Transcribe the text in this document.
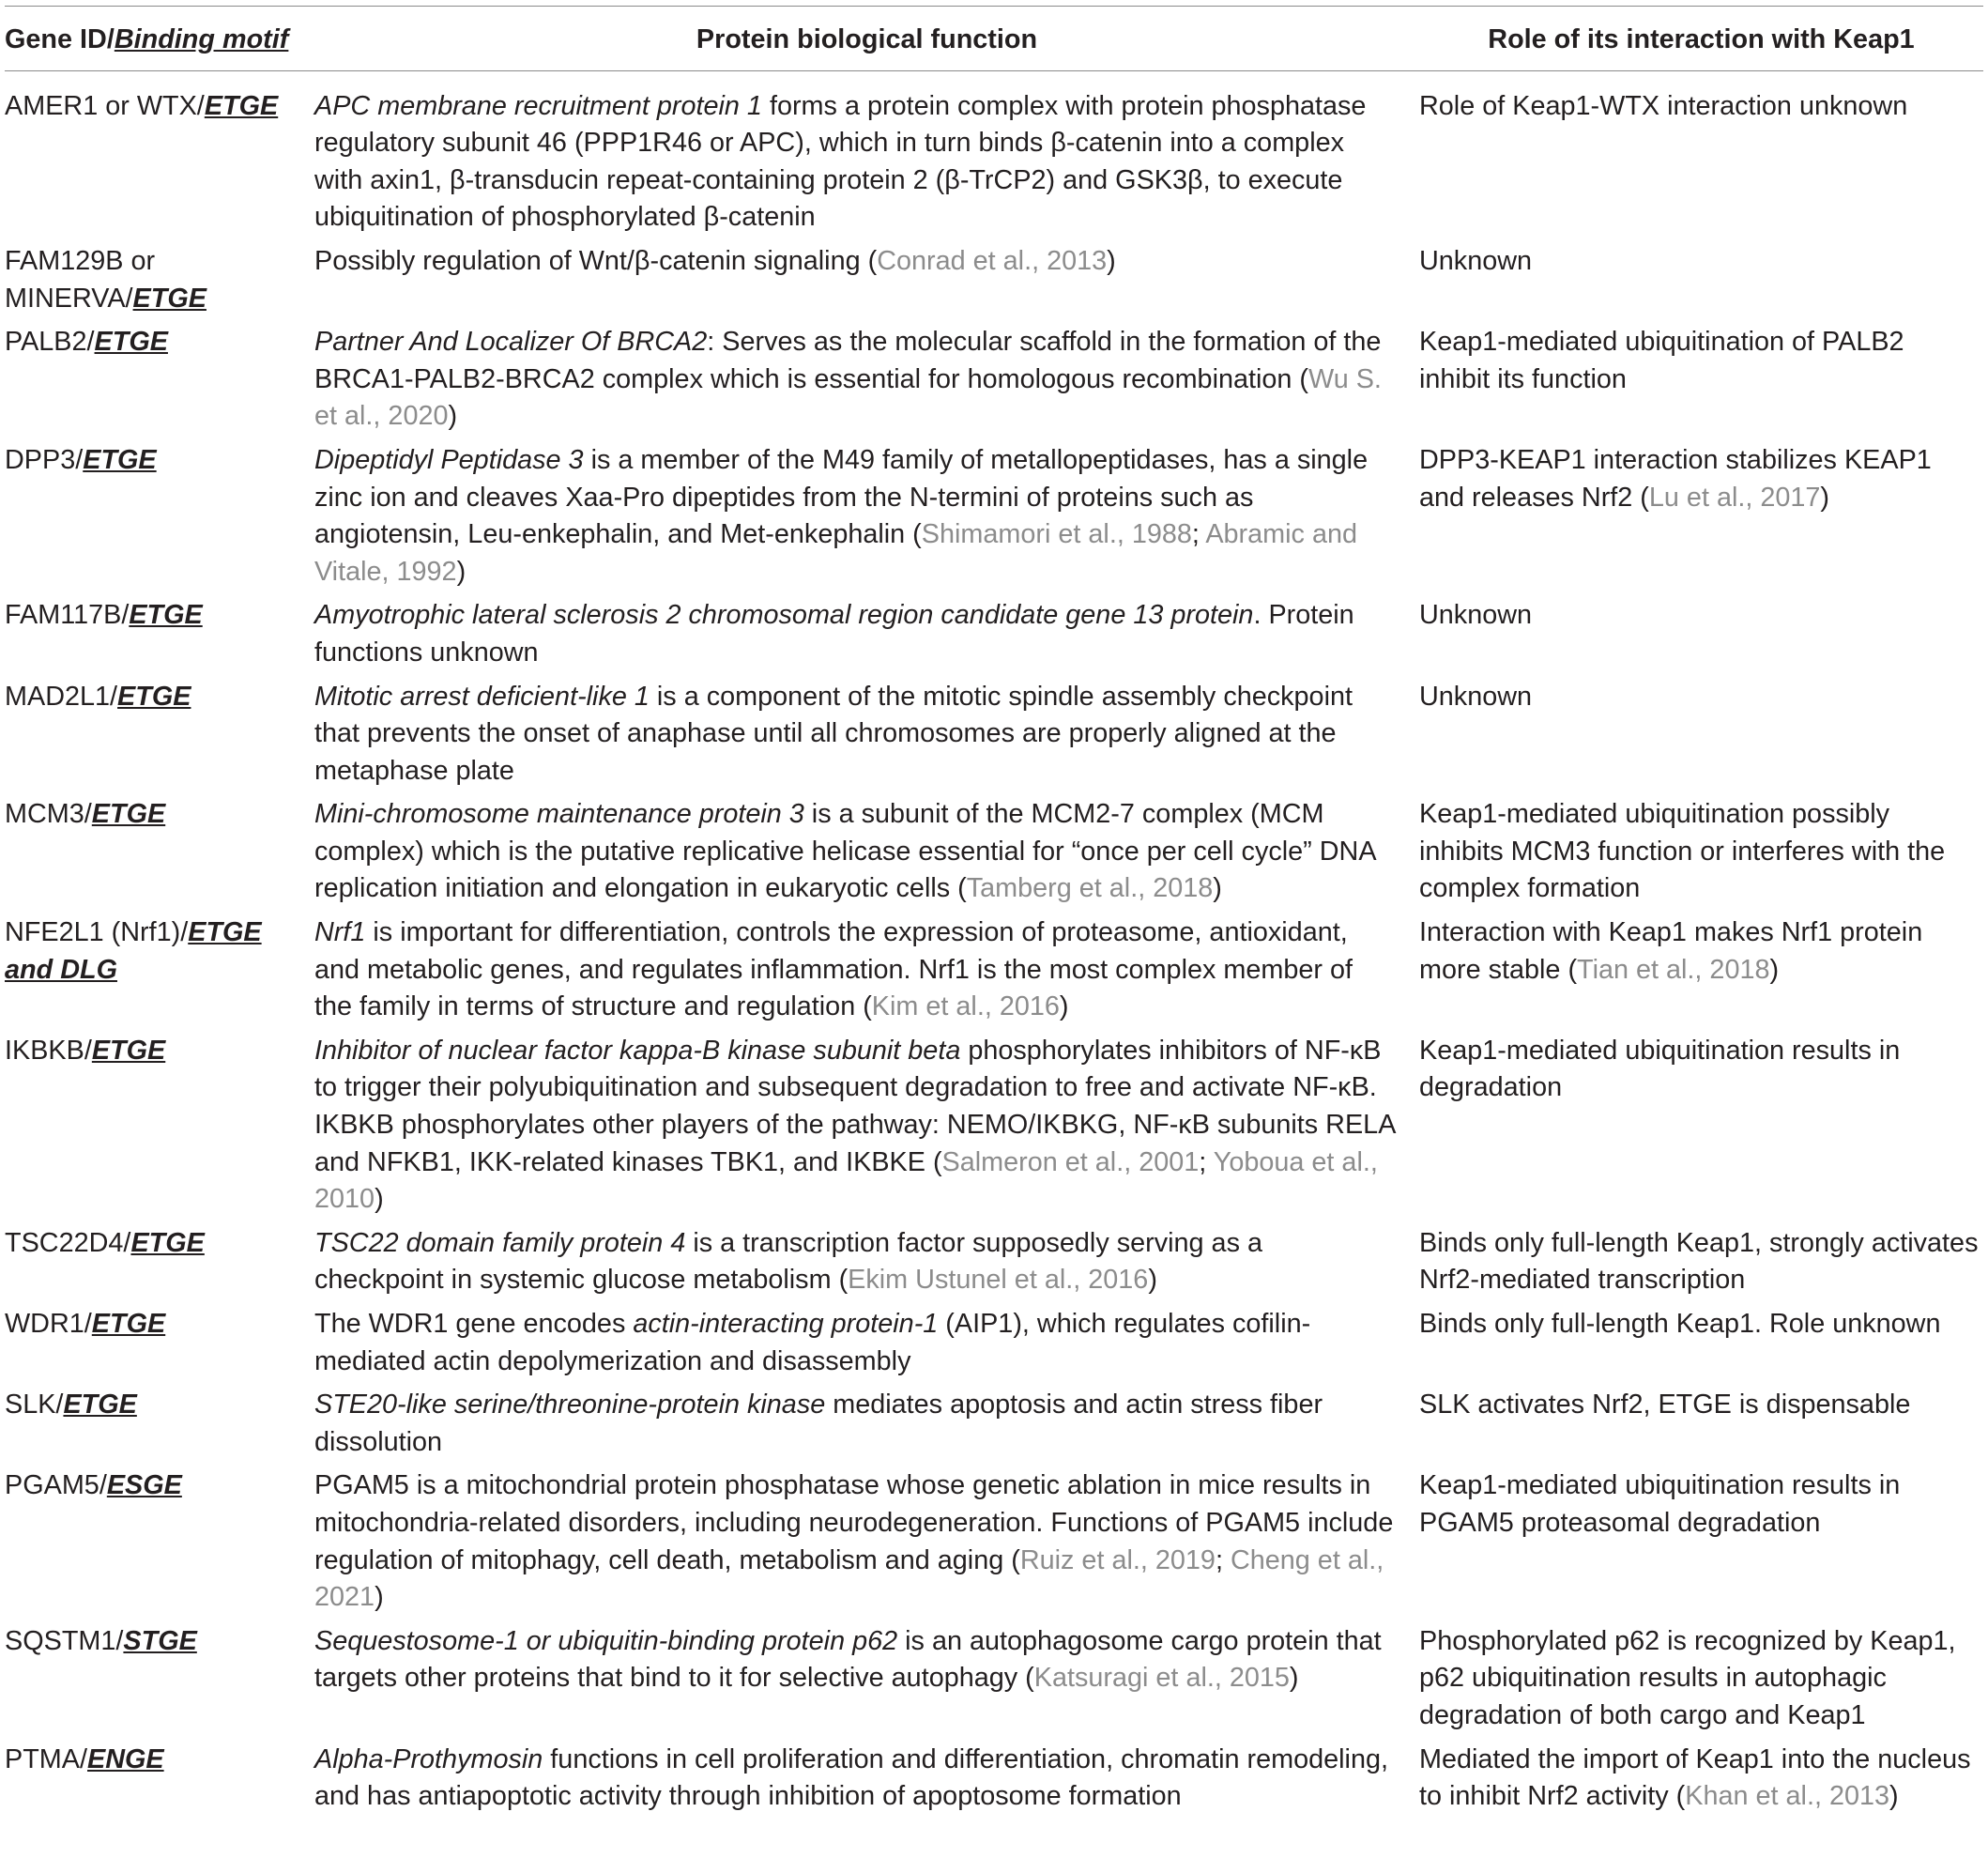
Gene ID/Binding motif	Protein biological function	Role of its interaction with Keap1
AMER1 or WTX/ETGE	APC membrane recruitment protein 1 forms a protein complex with protein phosphatase regulatory subunit 46 (PPP1R46 or APC), which in turn binds β-catenin into a complex with axin1, β-transducin repeat-containing protein 2 (β-TrCP2) and GSK3β, to execute ubiquitination of phosphorylated β-catenin	Role of Keap1-WTX interaction unknown
FAM129B or MINERVA/ETGE	Possibly regulation of Wnt/β-catenin signaling (Conrad et al., 2013)	Unknown
PALB2/ETGE	Partner And Localizer Of BRCA2: Serves as the molecular scaffold in the formation of the BRCA1-PALB2-BRCA2 complex which is essential for homologous recombination (Wu S. et al., 2020)	Keap1-mediated ubiquitination of PALB2 inhibit its function
DPP3/ETGE	Dipeptidyl Peptidase 3 is a member of the M49 family of metallopeptidases, has a single zinc ion and cleaves Xaa-Pro dipeptides from the N-termini of proteins such as angiotensin, Leu-enkephalin, and Met-enkephalin (Shimamori et al., 1988; Abramic and Vitale, 1992)	DPP3-KEAP1 interaction stabilizes KEAP1 and releases Nrf2 (Lu et al., 2017)
FAM117B/ETGE	Amyotrophic lateral sclerosis 2 chromosomal region candidate gene 13 protein. Protein functions unknown	Unknown
MAD2L1/ETGE	Mitotic arrest deficient-like 1 is a component of the mitotic spindle assembly checkpoint that prevents the onset of anaphase until all chromosomes are properly aligned at the metaphase plate	Unknown
MCM3/ETGE	Mini-chromosome maintenance protein 3 is a subunit of the MCM2-7 complex (MCM complex) which is the putative replicative helicase essential for “once per cell cycle” DNA replication initiation and elongation in eukaryotic cells (Tamberg et al., 2018)	Keap1-mediated ubiquitination possibly inhibits MCM3 function or interferes with the complex formation
NFE2L1 (Nrf1)/ETGE and DLG	Nrf1 is important for differentiation, controls the expression of proteasome, antioxidant, and metabolic genes, and regulates inflammation. Nrf1 is the most complex member of the family in terms of structure and regulation (Kim et al., 2016)	Interaction with Keap1 makes Nrf1 protein more stable (Tian et al., 2018)
IKBKB/ETGE	Inhibitor of nuclear factor kappa-B kinase subunit beta phosphorylates inhibitors of NF-κB to trigger their polyubiquitination and subsequent degradation to free and activate NF-κB. IKBKB phosphorylates other players of the pathway: NEMO/IKBKG, NF-κB subunits RELA and NFKB1, IKK-related kinases TBK1, and IKBKE (Salmeron et al., 2001; Yoboua et al., 2010)	Keap1-mediated ubiquitination results in degradation
TSC22D4/ETGE	TSC22 domain family protein 4 is a transcription factor supposedly serving as a checkpoint in systemic glucose metabolism (Ekim Ustunel et al., 2016)	Binds only full-length Keap1, strongly activates Nrf2-mediated transcription
WDR1/ETGE	The WDR1 gene encodes actin-interacting protein-1 (AIP1), which regulates cofilin-mediated actin depolymerization and disassembly	Binds only full-length Keap1. Role unknown
SLK/ETGE	STE20-like serine/threonine-protein kinase mediates apoptosis and actin stress fiber dissolution	SLK activates Nrf2, ETGE is dispensable
PGAM5/ESGE	PGAM5 is a mitochondrial protein phosphatase whose genetic ablation in mice results in mitochondria-related disorders, including neurodegeneration. Functions of PGAM5 include regulation of mitophagy, cell death, metabolism and aging (Ruiz et al., 2019; Cheng et al., 2021)	Keap1-mediated ubiquitination results in PGAM5 proteasomal degradation
SQSTM1/STGE	Sequestosome-1 or ubiquitin-binding protein p62 is an autophagosome cargo protein that targets other proteins that bind to it for selective autophagy (Katsuragi et al., 2015)	Phosphorylated p62 is recognized by Keap1, p62 ubiquitination results in autophagic degradation of both cargo and Keap1
PTMA/ENGE	Alpha-Prothymosin functions in cell proliferation and differentiation, chromatin remodeling, and has antiapoptotic activity through inhibition of apoptosome formation	Mediated the import of Keap1 into the nucleus to inhibit Nrf2 activity (Khan et al., 2013)
